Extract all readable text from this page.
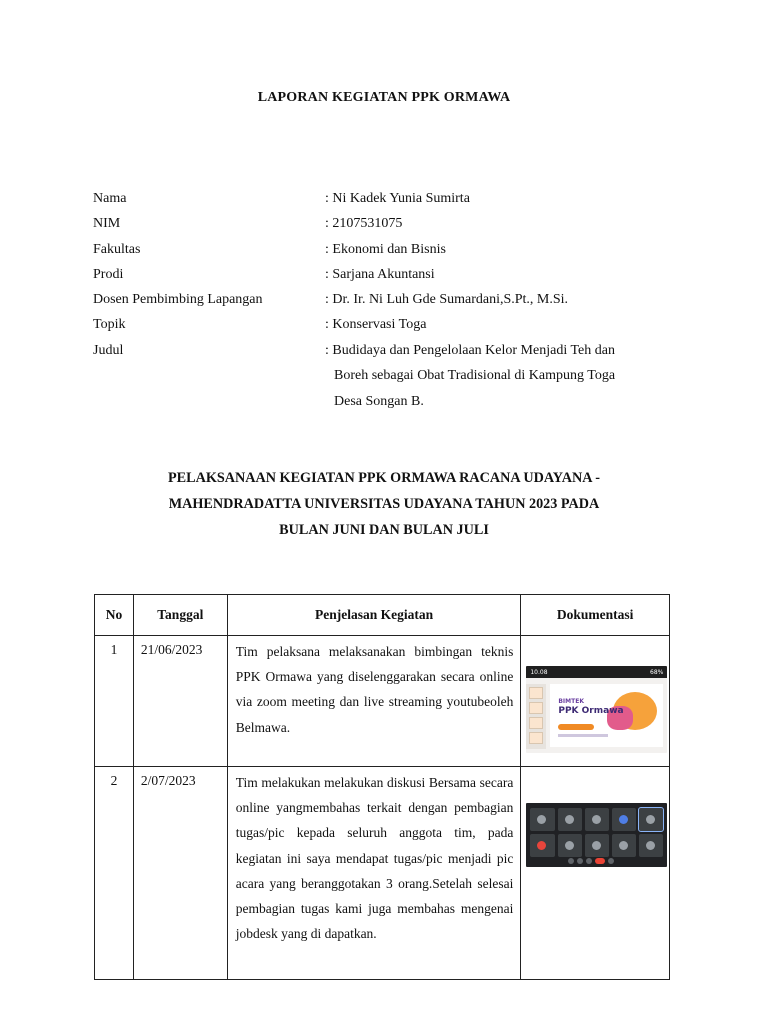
LAPORAN KEGIATAN PPK ORMAWA
Nama	: Ni Kadek Yunia Sumirta
NIM	: 2107531075
Fakultas	: Ekonomi dan Bisnis
Prodi	: Sarjana Akuntansi
Dosen Pembimbing Lapangan	: Dr. Ir. Ni Luh Gde Sumardani,S.Pt., M.Si.
Topik	: Konservasi Toga
Judul	: Budidaya dan Pengelolaan Kelor Menjadi Teh dan
Boreh sebagai Obat Tradisional di Kampung Toga
Desa Songan B.
PELAKSANAAN KEGIATAN PPK ORMAWA RACANA UDAYANA -
MAHENDRADATTA UNIVERSITAS UDAYANA TAHUN 2023 PADA
BULAN JUNI DAN BULAN JULI
No	Tanggal	Penjelasan Kegiatan	Dokumentasi
1	21/06/2023	Tim pelaksana melaksanakan bimbingan teknis PPK Ormawa yang diselenggarakan secara online via zoom meeting dan live streaming youtubeoleh Belmawa.	10.08 68%
BIMTEK
PPK Ormawa

2	2/07/2023	Tim melakukan melakukan diskusi Bersama secara online yangmembahas terkait dengan pembagian tugas/pic kepada seluruh anggota tim, pada kegiatan ini saya mendapat tugas/pic menjadi pic acara yang beranggotakan 3 orang.Setelah selesai pembagian tugas kami juga membahas mengenai jobdesk yang di dapatkan.	
